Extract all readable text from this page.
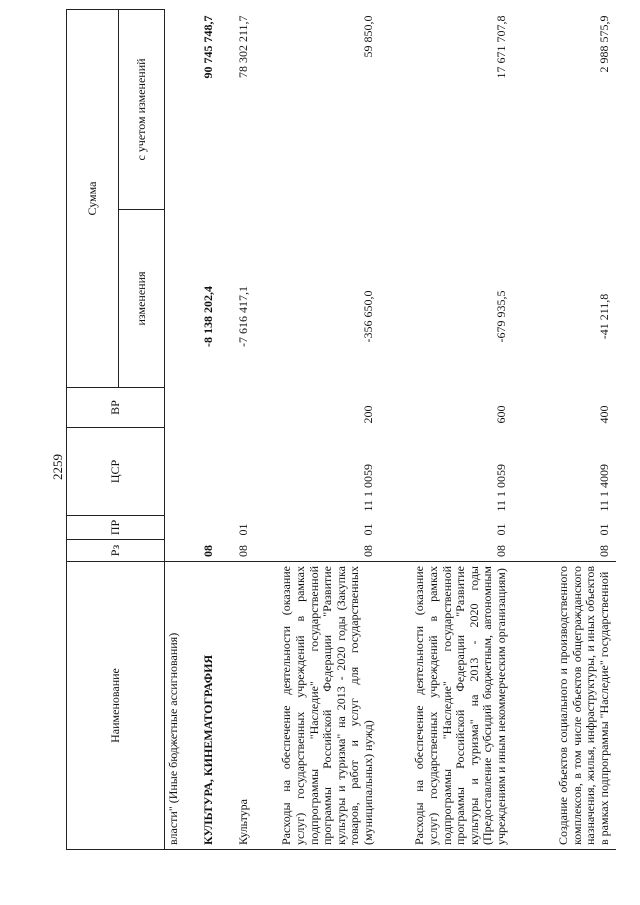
2259
Наименование	Рз	ПР	ЦСР	ВР	Сумма	
					изменения	с учетом изменений
власти" (Иные бюджетные ассигнования)						
КУЛЬТУРА, КИНЕМАТОГРАФИЯ	08				-8 138 202,4	90 745 748,7
Культура	08	01			-7 616 417,1	78 302 211,7
Расходы на обеспечение деятельности (оказание услуг) государственных учреждений в рамках подпрограммы "Наследие" государственной программы Российской Федерации "Развитие культуры и туризма" на 2013 - 2020 годы (Закупка товаров, работ и услуг для государственных (муниципальных) нужд)	08	01	11 1 0059	200	-356 650,0	59 850,0
Расходы на обеспечение деятельности (оказание услуг) государственных учреждений в рамках подпрограммы "Наследие" государственной программы Российской Федерации "Развитие культуры и туризма" на 2013 - 2020 годы (Предоставление субсидий бюджетным, автономным учреждениям и иным некоммерческим организациям)	08	01	11 1 0059	600	-679 935,5	17 671 707,8
Создание объектов социального и производственного комплексов, в том числе объектов общегражданского назначения, жилья, инфраструктуры, и иных объектов в рамках подпрограммы "Наследие" государственной	08	01	11 1 4009	400	-41 211,8	2 988 575,9
